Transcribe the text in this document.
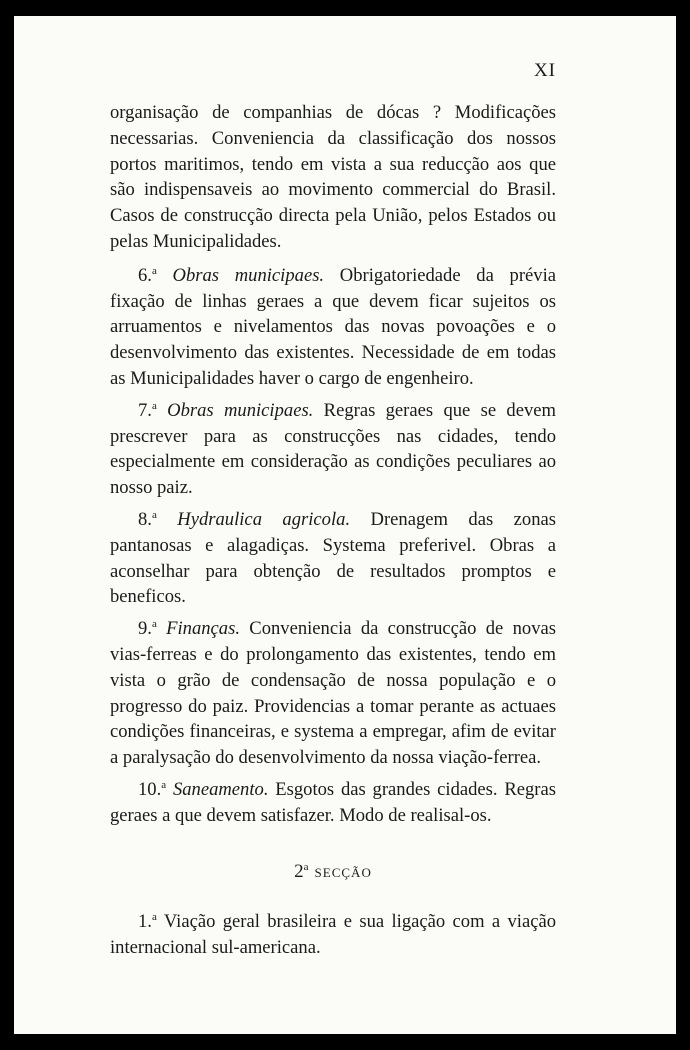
XI

organisação de companhias de dócas ? Modificações necessarias. Conveniencia da classificação dos nossos portos maritimos, tendo em vista a sua reducção aos que são indispensaveis ao movimento commercial do Brasil. Casos de construcção directa pela União, pelos Estados ou pelas Municipalidades.

6.$^a$ Obras municipaes. Obrigatoriedade da prévia fixação de linhas geraes a que devem ficar sujeitos os arruamentos e nivelamentos das novas povoações e o desenvolvimento das existentes. Necessidade de em todas as Municipalidades haver o cargo de engenheiro.

7.$^a$ Obras municipaes. Regras geraes que se devem prescrever para as construcções nas cidades, tendo especialmente em consideração as condições peculiares ao nosso paiz.

8.$^a$ Hydraulica agricola. Drenagem das zonas pantanosas e alagadiças. Systema preferivel. Obras a aconselhar para obtenção de resultados promptos e beneficos.

9.$^a$ Finanças. Conveniencia da construcção de novas vias-ferreas e do prolongamento das existentes, tendo em vista o grão de condensação de nossa população e o progresso do paiz. Providencias a tomar perante as actuaes condições financeiras, e systema a empregar, afim de evitar a paralysação do desenvolvimento da nossa viação-ferrea.

10.$^a$ Saneamento. Esgotos das grandes cidades. Regras geraes a que devem satisfazer. Modo de realisal-os.

2$^a$ SECÇÃO

1.$^a$ Viação geral brasileira e sua ligação com a viação internacional sul-americana.
